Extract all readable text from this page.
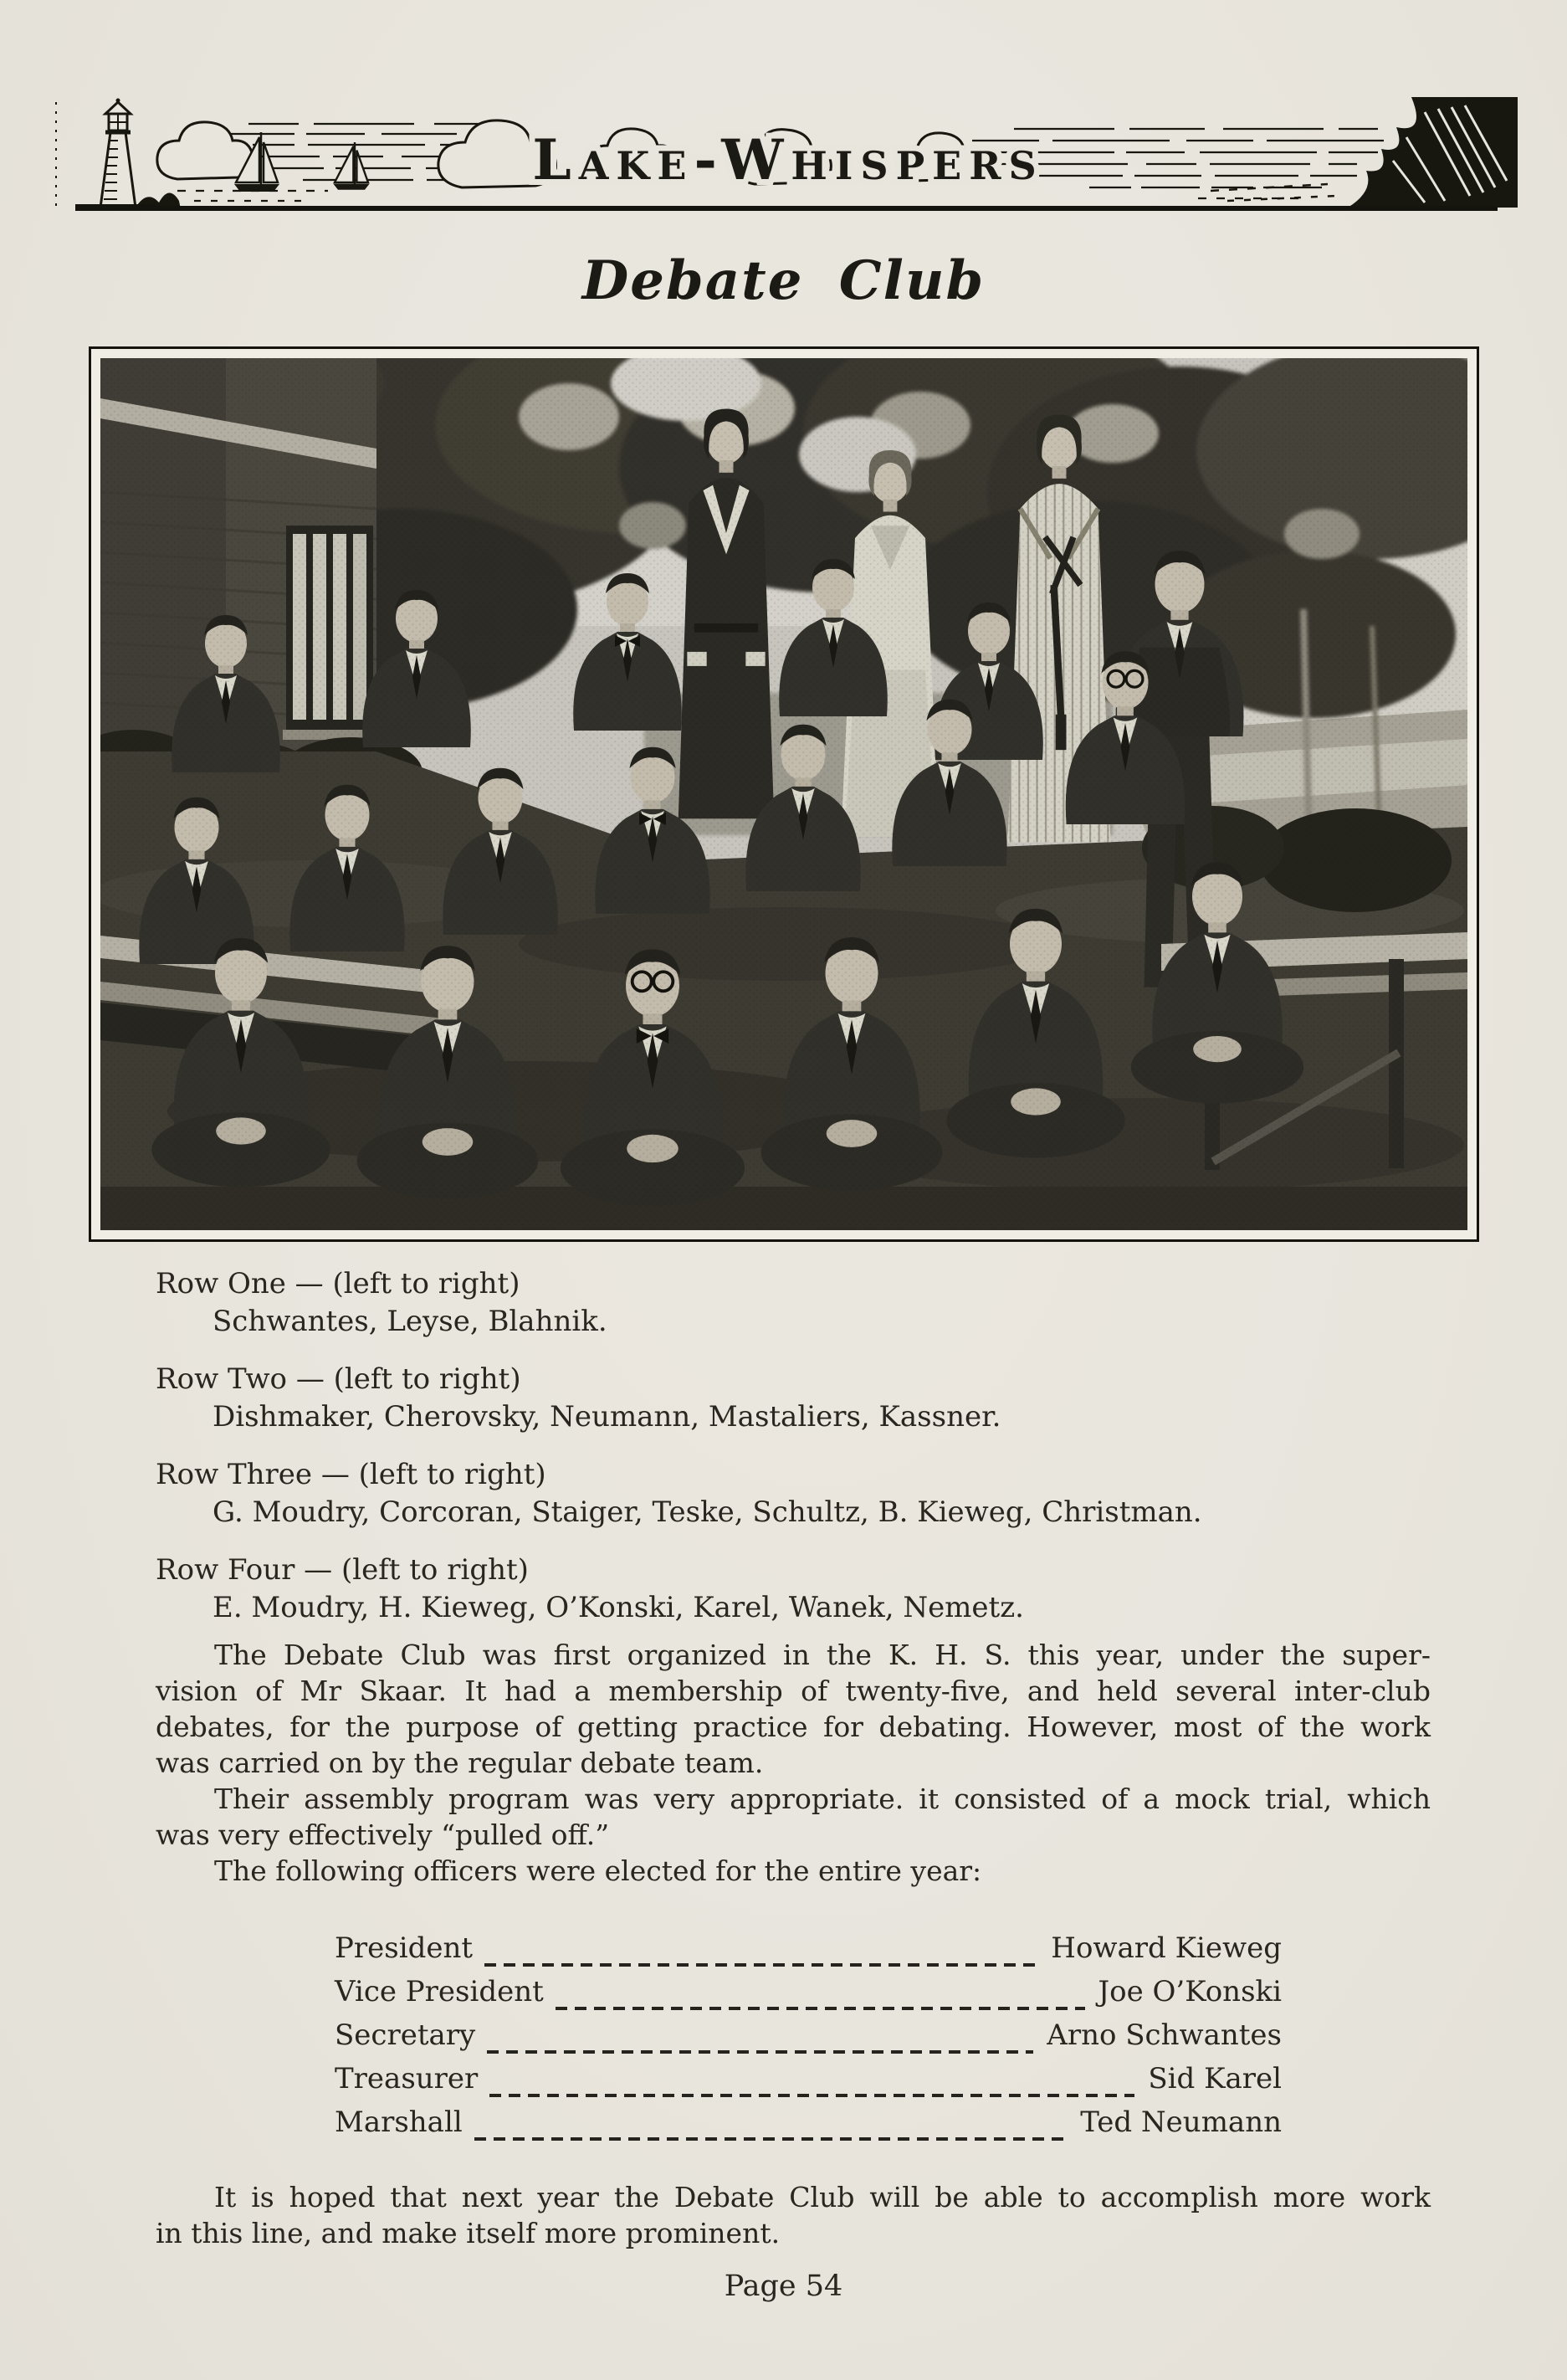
Lake-Whispers
Debate Club
Row One — (left to right)
Schwantes, Leyse, Blahnik.
Row Two — (left to right)
Dishmaker, Cherovsky, Neumann, Mastaliers, Kassner.
Row Three — (left to right)
G. Moudry, Corcoran, Staiger, Teske, Schultz, B. Kieweg, Christman.
Row Four — (left to right)
E. Moudry, H. Kieweg, O’Konski, Karel, Wanek, Nemetz.
The Debate Club was first organized in the K. H. S. this year, under the super-
vision of Mr Skaar. It had a membership of twenty-five, and held several inter-club
debates, for the purpose of getting practice for debating. However, most of the work
was carried on by the regular debate team.
Their assembly program was very appropriate. it consisted of a mock trial, which
was very effectively “pulled off.”
The following officers were elected for the entire year:
President	Howard Kieweg
Vice President	Joe O’Konski
Secretary	Arno Schwantes
Treasurer	Sid Karel
Marshall	Ted Neumann
It is hoped that next year the Debate Club will be able to accomplish more work
in this line, and make itself more prominent.
Page 54
